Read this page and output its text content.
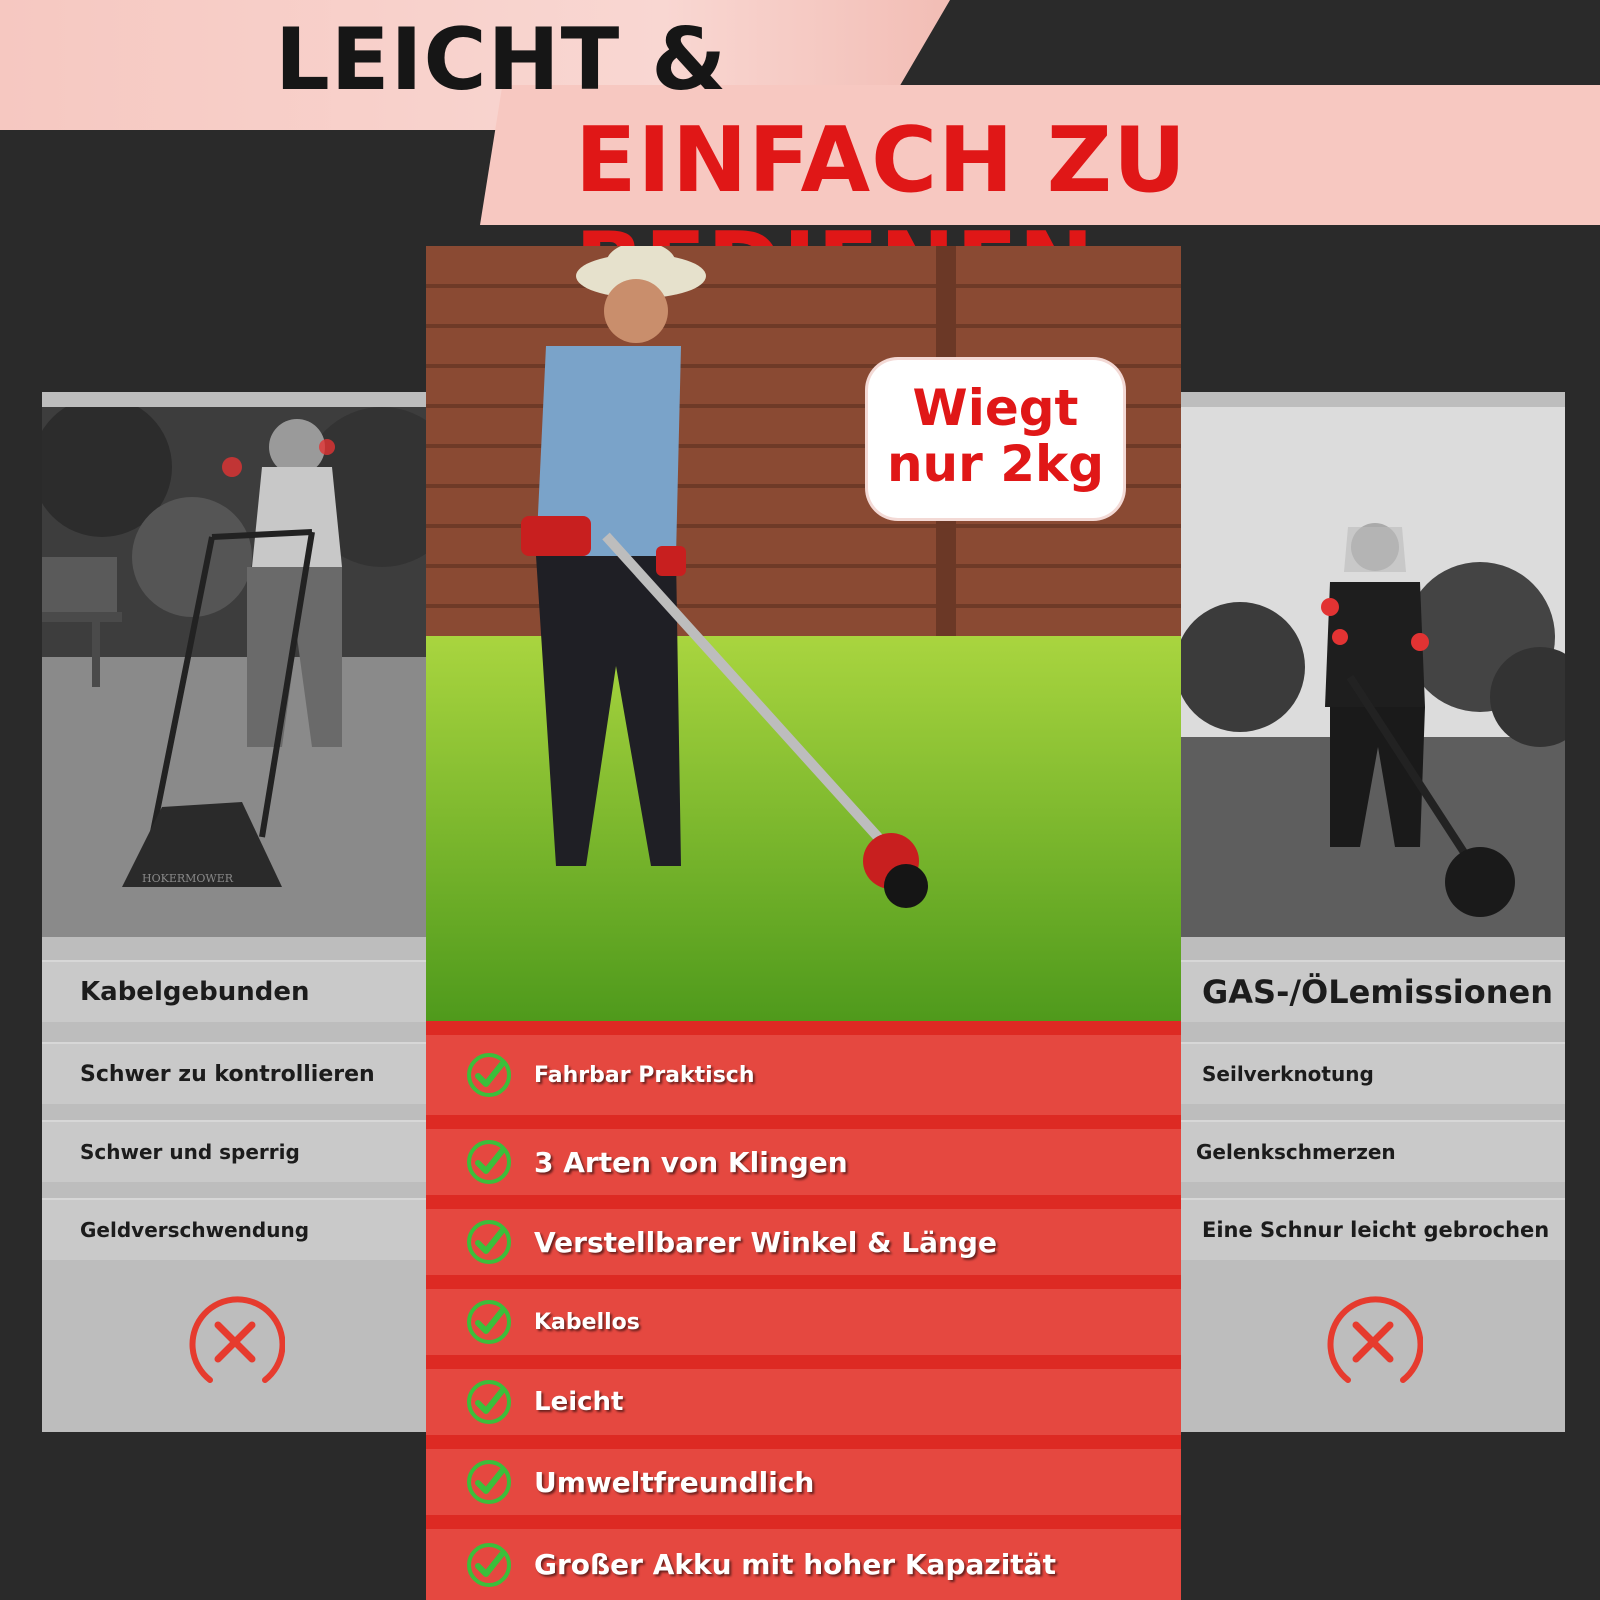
LEICHT &
EINFACH ZU
HOKERMOWER
Kabelgebunden
Schwer zu kontrollieren
Schwer und sperrig
Geldverschwendung
GAS-/ÖLemissionen
Seilverknotung
Gelenkschmerzen
Eine Schnur leicht gebrochen
Fahrbar Praktisch
3 Arten von Klingen
Verstellbarer Winkel & Länge
Kabellos
Leicht
Umweltfreundlich
Großer Akku mit hoher Kapazität
Wiegt
nur 2kg
